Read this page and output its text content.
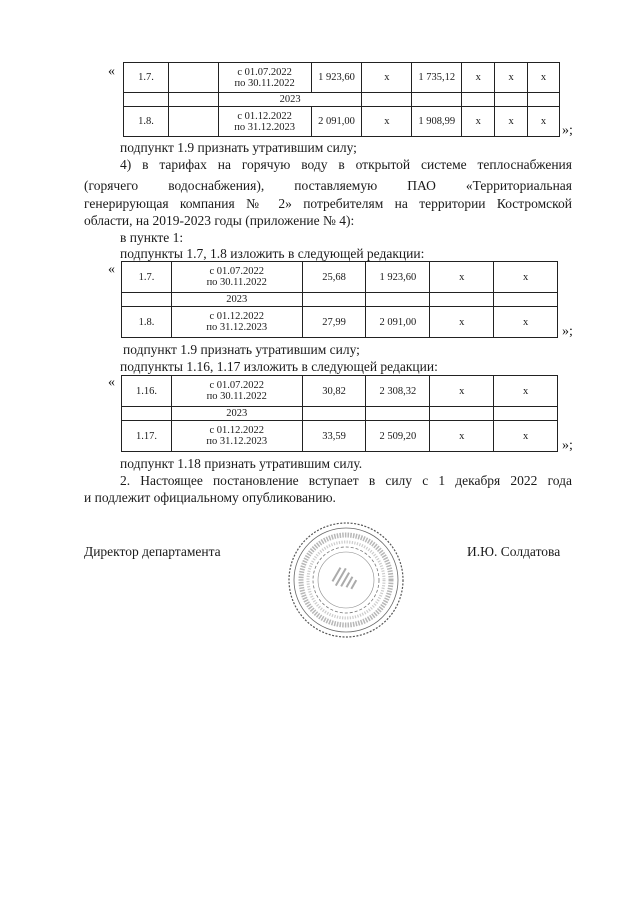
« 1.7.		с 01.07.2022
по 30.11.2022	1 923,60	х	1 735,12	х	х	х
		2023						
1.8.		с 01.12.2022
по 31.12.2023	2 091,00	х	1 908,99	х	х	х
»;
подпункт 1.9 признать утратившим силу;
4) в тарифах на горячую воду в открытой системе теплоснабжения
(горячего водоснабжения), поставляемую ПАО «Территориальная
генерирующая компания № 2» потребителям на территории Костромской
области, на 2019-2023 годы (приложение № 4):
в пункте 1:
подпункты 1.7, 1.8 изложить в следующей редакции:
« 1.7.	с 01.07.2022
по 30.11.2022	25,68	1 923,60	х	х
	2023				
1.8.	с 01.12.2022
по 31.12.2023	27,99	2 091,00	х	х
»;
подпункт 1.9 признать утратившим силу;
подпункты 1.16, 1.17 изложить в следующей редакции:
«
1.16.	с 01.07.2022
по 30.11.2022	30,82	2 308,32	х	х
	2023				
1.17.	с 01.12.2022
по 31.12.2023	33,59	2 509,20	х	х
»;
подпункт 1.18 признать утратившим силу.
2. Настоящее постановление вступает в силу с 1 декабря 2022 года
и подлежит официальному опубликованию.
Директор департамента	И.Ю. Солдатова
